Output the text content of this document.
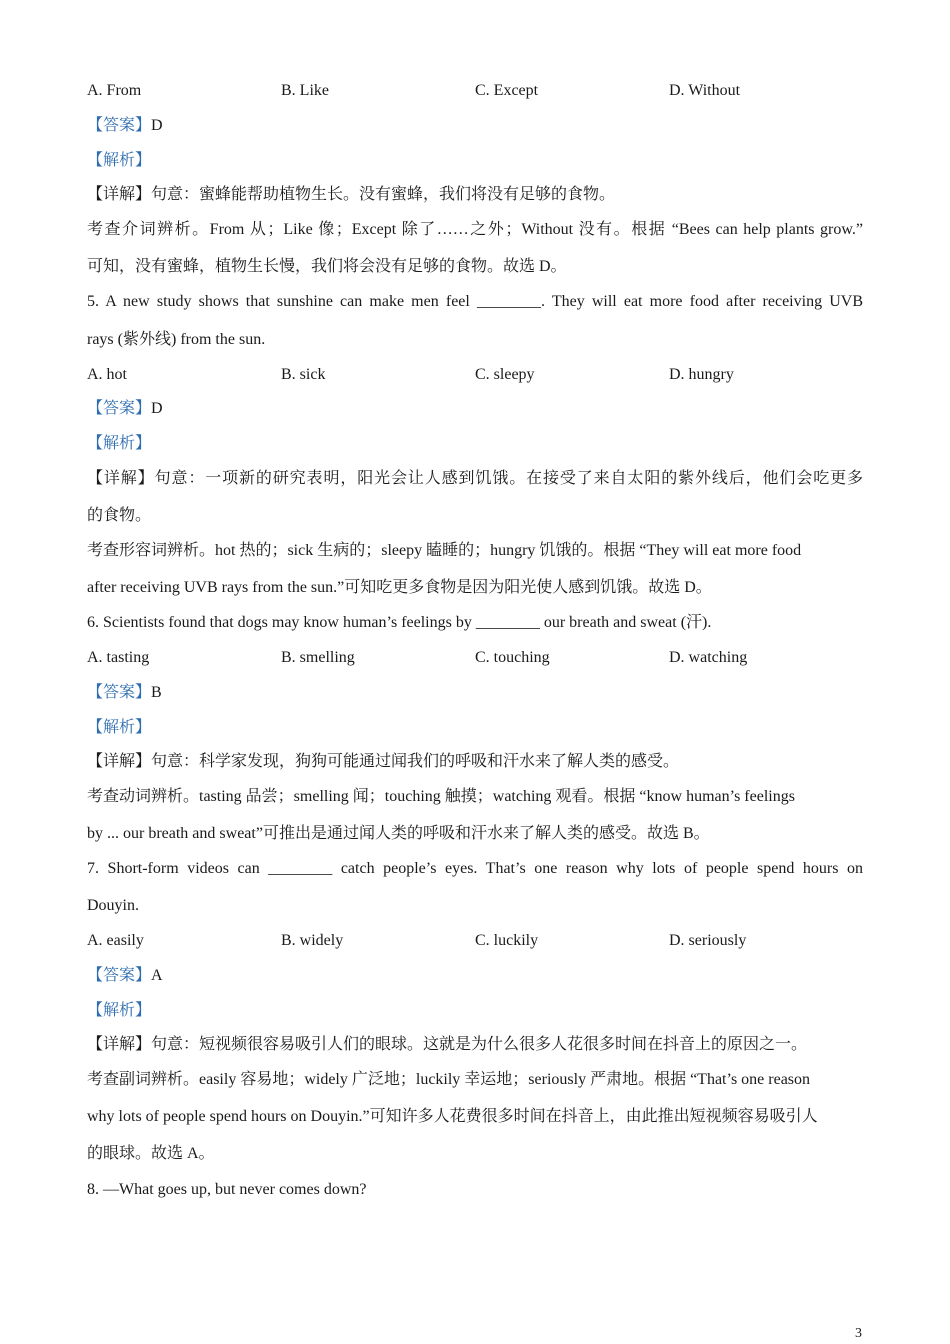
A. From	B. Like	C. Except	D. Without
【答案】D
【解析】
【详解】句意：蜜蜂能帮助植物生长。没有蜜蜂，我们将没有足够的食物。
考查介词辨析。From 从；Like 像；Except 除了……之外；Without 没有。根据 “Bees can help plants grow.”
可知，没有蜜蜂，植物生长慢，我们将会没有足够的食物。故选 D。
5. A new study shows that sunshine can make men feel ________. They will eat more food after receiving UVB
rays (紫外线) from the sun.
A. hot	B. sick	C. sleepy	D. hungry
【答案】D
【解析】
【详解】句意：一项新的研究表明，阳光会让人感到饥饿。在接受了来自太阳的紫外线后，他们会吃更多
的食物。
考查形容词辨析。hot 热的；sick 生病的；sleepy 瞌睡的；hungry 饥饿的。根据 “They will eat more food
after receiving UVB rays from the sun.”可知吃更多食物是因为阳光使人感到饥饿。故选 D。
6. Scientists found that dogs may know human’s feelings by ________ our breath and sweat (汗).
A. tasting	B. smelling	C. touching	D. watching
【答案】B
【解析】
【详解】句意：科学家发现，狗狗可能通过闻我们的呼吸和汗水来了解人类的感受。
考查动词辨析。tasting 品尝；smelling 闻；touching 触摸；watching 观看。根据 “know human’s feelings
by ... our breath and sweat”可推出是通过闻人类的呼吸和汗水来了解人类的感受。故选 B。
7. Short-form videos can ________ catch people’s eyes. That’s one reason why lots of people spend hours on
Douyin.
A. easily	B. widely	C. luckily	D. seriously
【答案】A
【解析】
【详解】句意：短视频很容易吸引人们的眼球。这就是为什么很多人花很多时间在抖音上的原因之一。
考查副词辨析。easily 容易地；widely 广泛地；luckily 幸运地；seriously 严肃地。根据 “That’s one reason
why lots of people spend hours on Douyin.”可知许多人花费很多时间在抖音上，由此推出短视频容易吸引人
的眼球。故选 A。
8. —What goes up, but never comes down?
3
